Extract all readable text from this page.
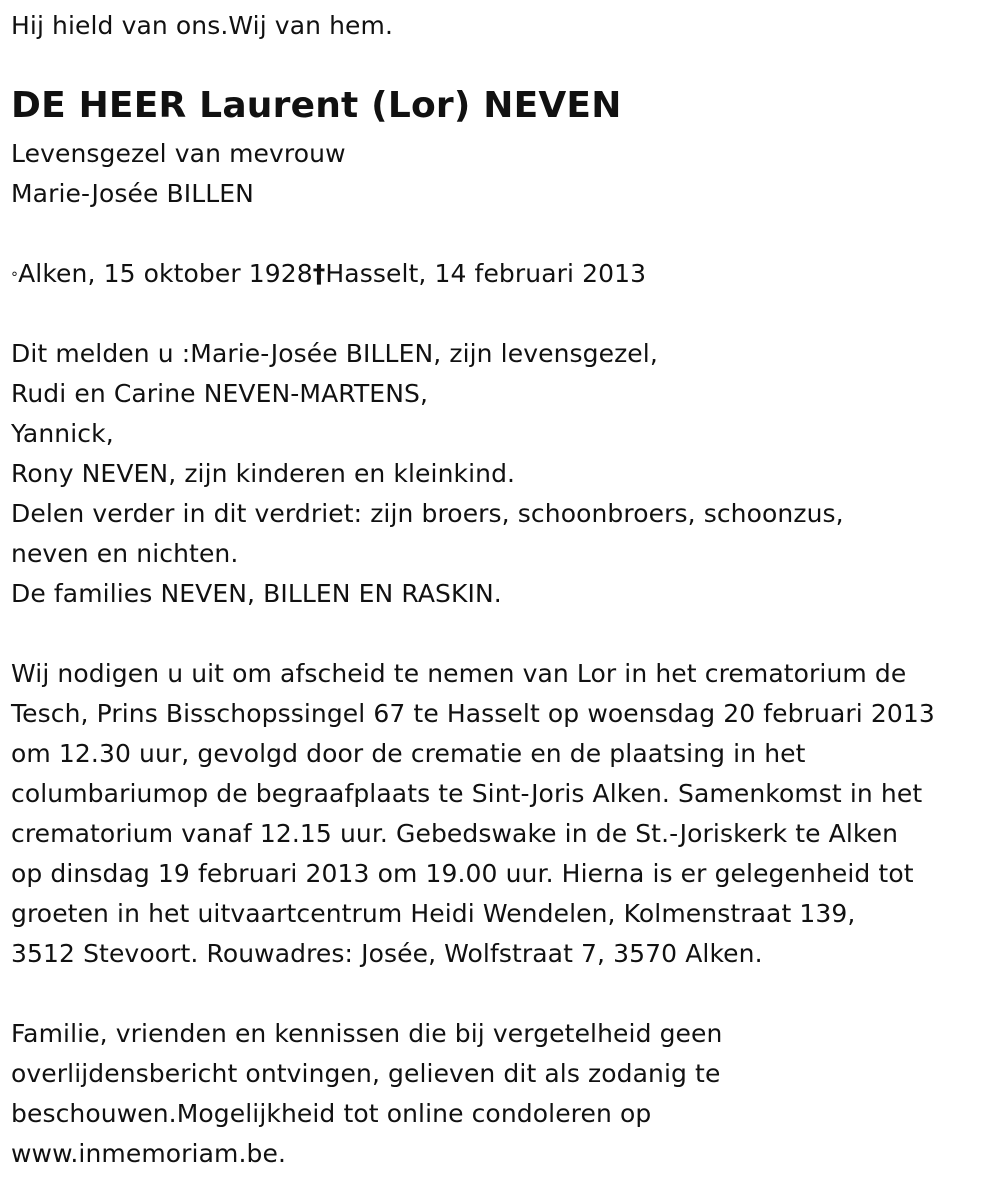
Hij hield van ons.Wij van hem.
DE HEER Laurent (Lor) NEVEN
Levensgezel van mevrouw
Marie-Josée BILLEN
°Alken, 15 oktober 1928†Hasselt, 14 februari 2013
Dit melden u :Marie-Josée BILLEN, zijn levensgezel,
Rudi en Carine NEVEN-MARTENS,
Yannick,
Rony NEVEN, zijn kinderen en kleinkind.
Delen verder in dit verdriet: zijn broers, schoonbroers, schoonzus,
neven en nichten.
De families NEVEN, BILLEN EN RASKIN.
Wij nodigen u uit om afscheid te nemen van Lor in het crematorium de
Tesch, Prins Bisschopssingel 67 te Hasselt op woensdag 20 februari 2013
om 12.30 uur, gevolgd door de crematie en de plaatsing in het
columbariumop de begraafplaats te Sint-Joris Alken. Samenkomst in het
crematorium vanaf 12.15 uur. Gebedswake in de St.-Joriskerk te Alken
op dinsdag 19 februari 2013 om 19.00 uur. Hierna is er gelegenheid tot
groeten in het uitvaartcentrum Heidi Wendelen, Kolmenstraat 139,
3512 Stevoort. Rouwadres: Josée, Wolfstraat 7, 3570 Alken.
Familie, vrienden en kennissen die bij vergetelheid geen
overlijdensbericht ontvingen, gelieven dit als zodanig te
beschouwen.Mogelijkheid tot online condoleren op
www.inmemoriam.be.
